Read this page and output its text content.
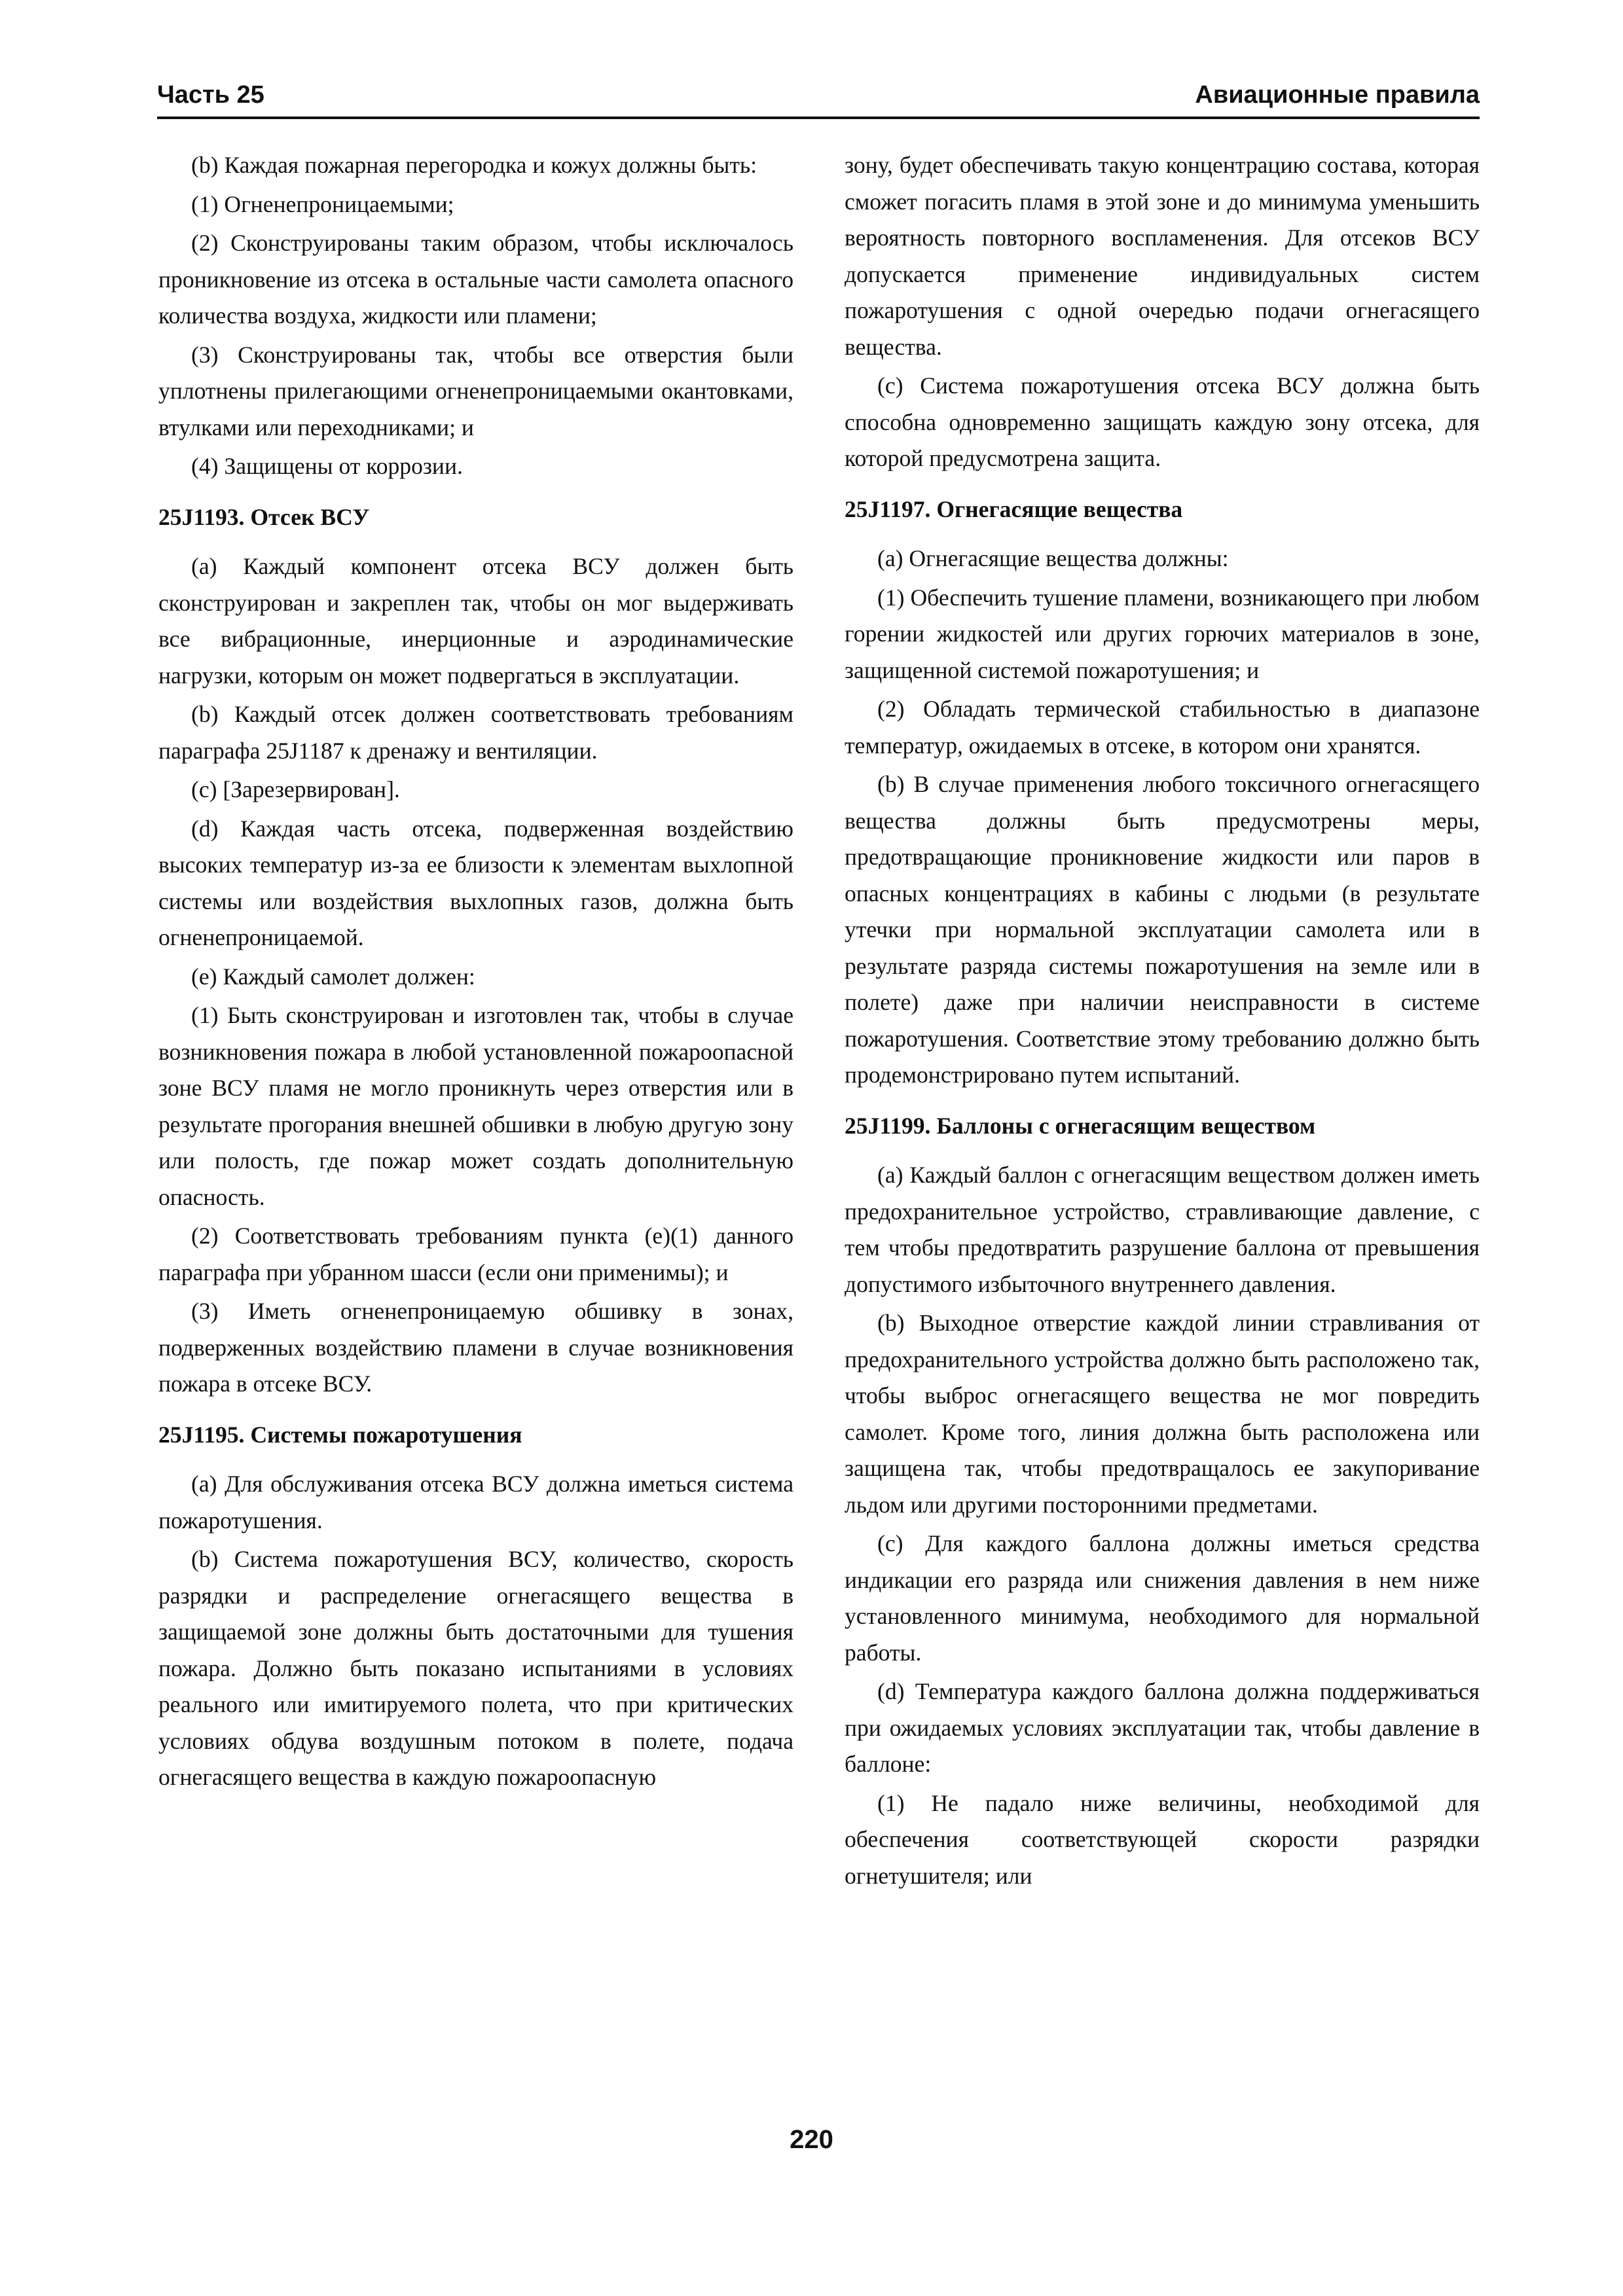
Часть 25	Авиационные правила

(b) Каждая пожарная перегородка и кожух должны быть:

(1) Огненепроницаемыми;

(2) Сконструированы таким образом, чтобы исключалось проникновение из отсека в остальные части самолета опасного количества воздуха, жидкости или пламени;

(3) Сконструированы так, чтобы все отверстия были уплотнены прилегающими огненепроницаемыми окантовками, втулками или переходниками; и

(4) Защищены от коррозии.

25J1193. Отсек ВСУ

(a) Каждый компонент отсека ВСУ должен быть сконструирован и закреплен так, чтобы он мог выдерживать все вибрационные, инерционные и аэродинамические нагрузки, которым он может подвергаться в эксплуатации.

(b) Каждый отсек должен соответствовать требованиям параграфа 25J1187 к дренажу и вентиляции.

(c) [Зарезервирован].

(d) Каждая часть отсека, подверженная воздействию высоких температур из-за ее близости к элементам выхлопной системы или воздействия выхлопных газов, должна быть огненепроницаемой.

(e) Каждый самолет должен:

(1) Быть сконструирован и изготовлен так, чтобы в случае возникновения пожара в любой установленной пожароопасной зоне ВСУ пламя не могло проникнуть через отверстия или в результате прогорания внешней обшивки в любую другую зону или полость, где пожар может создать дополнительную опасность.

(2) Соответствовать требованиям пункта (e)(1) данного параграфа при убранном шасси (если они применимы); и

(3) Иметь огненепроницаемую обшивку в зонах, подверженных воздействию пламени в случае возникновения пожара в отсеке ВСУ.

25J1195. Системы пожаротушения

(a) Для обслуживания отсека ВСУ должна иметься система пожаротушения.

(b) Система пожаротушения ВСУ, количество, скорость разрядки и распределение огнегасящего вещества в защищаемой зоне должны быть достаточными для тушения пожара. Должно быть показано испытаниями в условиях реального или имитируемого полета, что при критических условиях обдува воздушным потоком в полете, подача огнегасящего вещества в каждую пожароопасную

зону, будет обеспечивать такую концентрацию состава, которая сможет погасить пламя в этой зоне и до минимума уменьшить вероятность повторного воспламенения. Для отсеков ВСУ допускается применение индивидуальных систем пожаротушения с одной очередью подачи огнегасящего вещества.

(c) Система пожаротушения отсека ВСУ должна быть способна одновременно защищать каждую зону отсека, для которой предусмотрена защита.

25J1197. Огнегасящие вещества

(a) Огнегасящие вещества должны:

(1) Обеспечить тушение пламени, возникающего при любом горении жидкостей или других горючих материалов в зоне, защищенной системой пожаротушения; и

(2) Обладать термической стабильностью в диапазоне температур, ожидаемых в отсеке, в котором они хранятся.

(b) В случае применения любого токсичного огнегасящего вещества должны быть предусмотрены меры, предотвращающие проникновение жидкости или паров в опасных концентрациях в кабины с людьми (в результате утечки при нормальной эксплуатации самолета или в результате разряда системы пожаротушения на земле или в полете) даже при наличии неисправности в системе пожаротушения. Соответствие этому требованию должно быть продемонстрировано путем испытаний.

25J1199. Баллоны с огнегасящим веществом

(a) Каждый баллон с огнегасящим веществом должен иметь предохранительное устройство, стравливающие давление, с тем чтобы предотвратить разрушение баллона от превышения допустимого избыточного внутреннего давления.

(b) Выходное отверстие каждой линии стравливания от предохранительного устройства должно быть расположено так, чтобы выброс огнегасящего вещества не мог повредить самолет. Кроме того, линия должна быть расположена или защищена так, чтобы предотвращалось ее закупоривание льдом или другими посторонними предметами.

(c) Для каждого баллона должны иметься средства индикации его разряда или снижения давления в нем ниже установленного минимума, необходимого для нормальной работы.

(d) Температура каждого баллона должна поддерживаться при ожидаемых условиях эксплуатации так, чтобы давление в баллоне:

(1) Не падало ниже величины, необходимой для обеспечения соответствующей скорости разрядки огнетушителя; или

220
